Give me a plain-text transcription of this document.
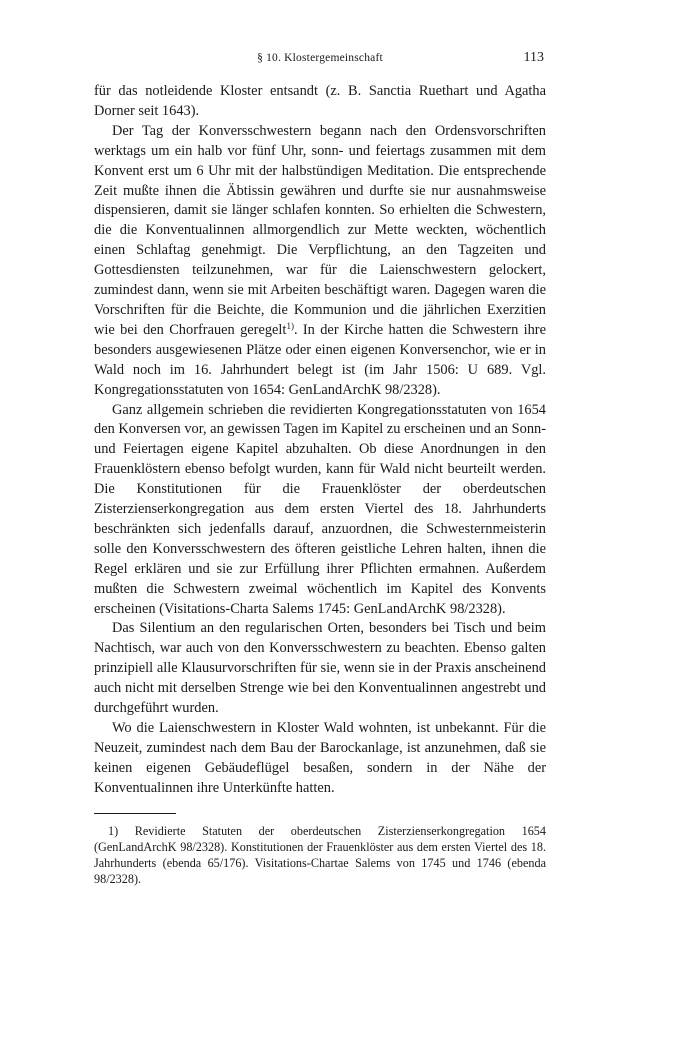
§ 10. Klostergemeinschaft	113

für das notleidende Kloster entsandt (z. B. Sanctia Ruethart und Agatha Dorner seit 1643).

Der Tag der Konversschwestern begann nach den Ordensvorschriften werktags um ein halb vor fünf Uhr, sonn- und feiertags zusammen mit dem Konvent erst um 6 Uhr mit der halbstündigen Meditation. Die entsprechende Zeit mußte ihnen die Äbtissin gewähren und durfte sie nur ausnahmsweise dispensieren, damit sie länger schlafen konnten. So erhielten die Schwestern, die die Konventualinnen allmorgendlich zur Mette weckten, wöchentlich einen Schlaftag genehmigt. Die Verpflichtung, an den Tagzeiten und Gottesdiensten teilzunehmen, war für die Laienschwestern gelockert, zumindest dann, wenn sie mit Arbeiten beschäftigt waren. Dagegen waren die Vorschriften für die Beichte, die Kommunion und die jährlichen Exerzitien wie bei den Chorfrauen geregelt$^{1)}$. In der Kirche hatten die Schwestern ihre besonders ausgewiesenen Plätze oder einen eigenen Konversenchor, wie er in Wald noch im 16. Jahrhundert belegt ist (im Jahr 1506: U 689. Vgl. Kongregationsstatuten von 1654: GenLandArchK 98/2328).

Ganz allgemein schrieben die revidierten Kongregationsstatuten von 1654 den Konversen vor, an gewissen Tagen im Kapitel zu erscheinen und an Sonn- und Feiertagen eigene Kapitel abzuhalten. Ob diese Anordnungen in den Frauenklöstern ebenso befolgt wurden, kann für Wald nicht beurteilt werden. Die Konstitutionen für die Frauenklöster der oberdeutschen Zisterzienserkongregation aus dem ersten Viertel des 18. Jahrhunderts beschränkten sich jedenfalls darauf, anzuordnen, die Schwesternmeisterin solle den Konversschwestern des öfteren geistliche Lehren halten, ihnen die Regel erklären und sie zur Erfüllung ihrer Pflichten ermahnen. Außerdem mußten die Schwestern zweimal wöchentlich im Kapitel des Konvents erscheinen (Visitations-Charta Salems 1745: GenLandArchK 98/2328).

Das Silentium an den regularischen Orten, besonders bei Tisch und beim Nachtisch, war auch von den Konversschwestern zu beachten. Ebenso galten prinzipiell alle Klausurvorschriften für sie, wenn sie in der Praxis anscheinend auch nicht mit derselben Strenge wie bei den Konventualinnen angestrebt und durchgeführt wurden.

Wo die Laienschwestern in Kloster Wald wohnten, ist unbekannt. Für die Neuzeit, zumindest nach dem Bau der Barockanlage, ist anzunehmen, daß sie keinen eigenen Gebäudeflügel besaßen, sondern in der Nähe der Konventualinnen ihre Unterkünfte hatten.

1) Revidierte Statuten der oberdeutschen Zisterzienserkongregation 1654 (GenLandArchK 98/2328). Konstitutionen der Frauenklöster aus dem ersten Viertel des 18. Jahrhunderts (ebenda 65/176). Visitations-Chartae Salems von 1745 und 1746 (ebenda 98/2328).
